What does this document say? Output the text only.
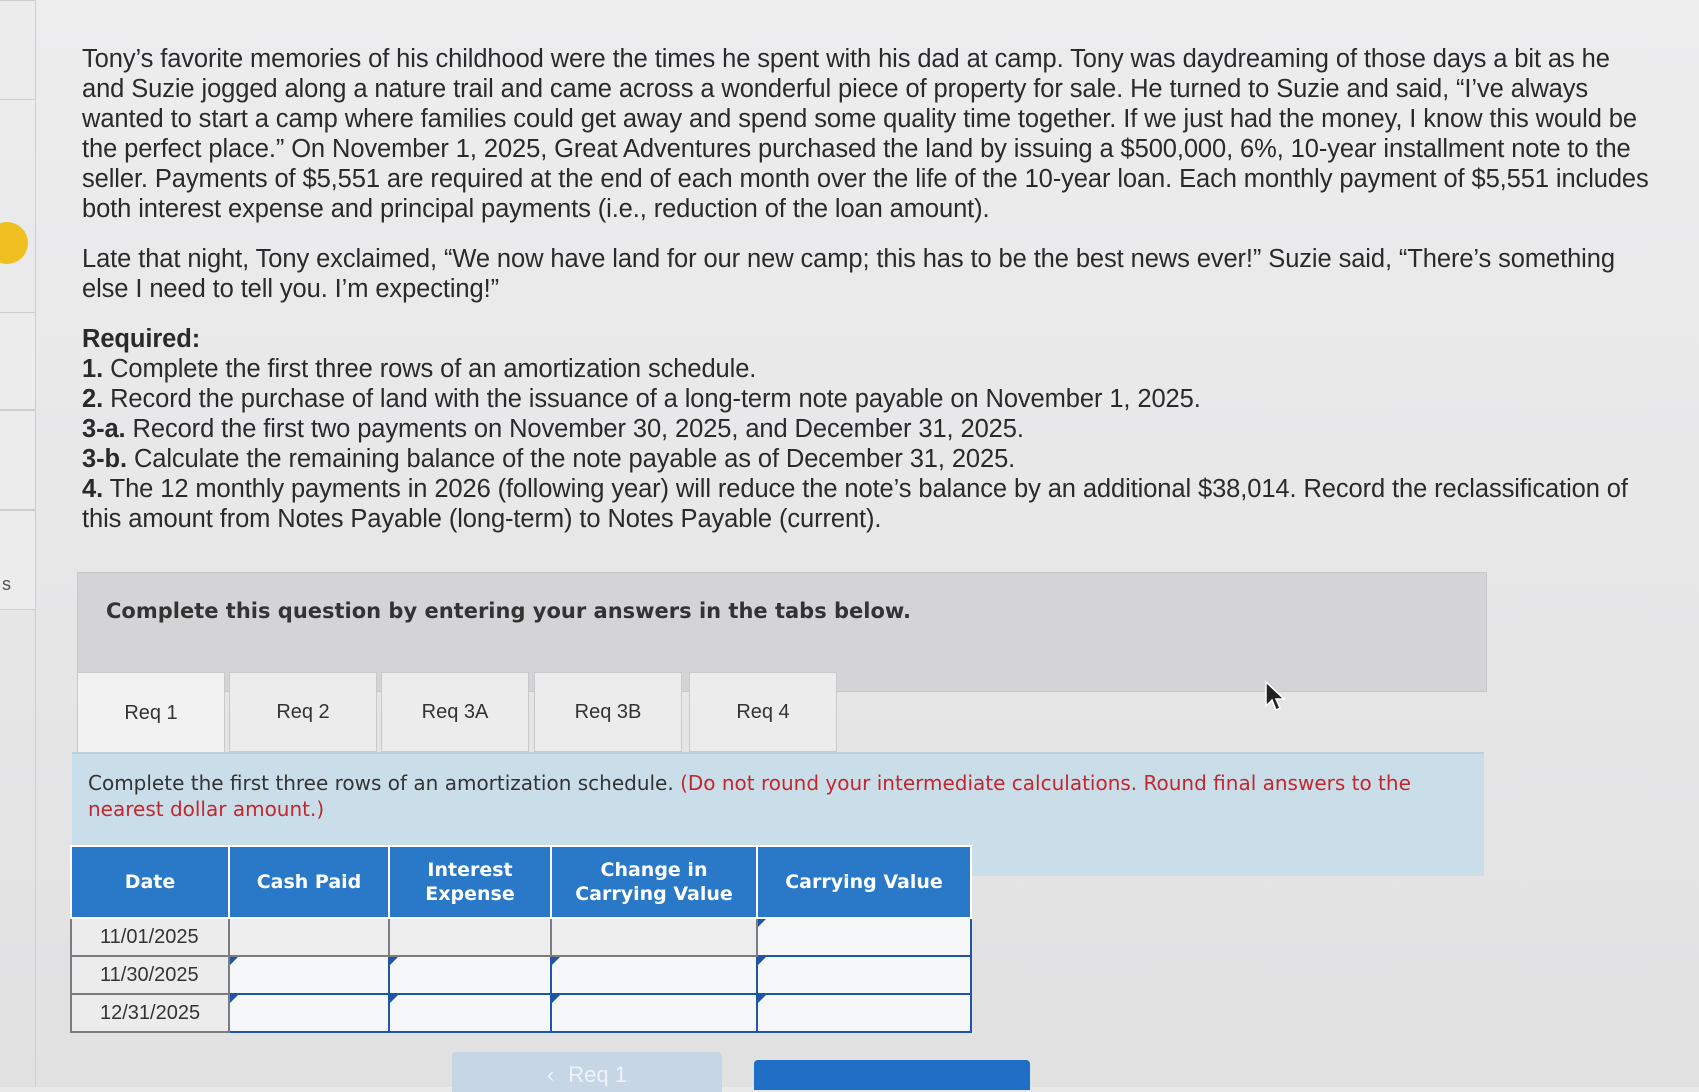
s

Tony’s favorite memories of his childhood were the times he spent with his dad at camp. Tony was daydreaming of those days a bit as he and Suzie jogged along a nature trail and came across a wonderful piece of property for sale. He turned to Suzie and said, “I’ve always wanted to start a camp where families could get away and spend some quality time together. If we just had the money, I know this would be the perfect place.” On November 1, 2025, Great Adventures purchased the land by issuing a $500,000, 6%, 10-year installment note to the seller. Payments of $5,551 are required at the end of each month over the life of the 10-year loan. Each monthly payment of $5,551 includes both interest expense and principal payments (i.e., reduction of the loan amount).

Late that night, Tony exclaimed, “We now have land for our new camp; this has to be the best news ever!” Suzie said, “There’s something else I need to tell you. I’m expecting!”

Required:
1. Complete the first three rows of an amortization schedule.
2. Record the purchase of land with the issuance of a long-term note payable on November 1, 2025.
3-a. Record the first two payments on November 30, 2025, and December 31, 2025.
3-b. Calculate the remaining balance of the note payable as of December 31, 2025.
4. The 12 monthly payments in 2026 (following year) will reduce the note’s balance by an additional $38,014. Record the reclassification of this amount from Notes Payable (long-term) to Notes Payable (current).
Complete this question by entering your answers in the tabs below.
Req 1	Req 2	Req 3A	Req 3B	Req 4
Complete the first three rows of an amortization schedule. (Do not round your intermediate calculations. Round final answers to the nearest dollar amount.)
Date	Cash Paid	Interest Expense	Change in Carrying Value	Carrying Value
11/01/2025				
11/30/2025				
12/31/2025				
‹ Req 1
